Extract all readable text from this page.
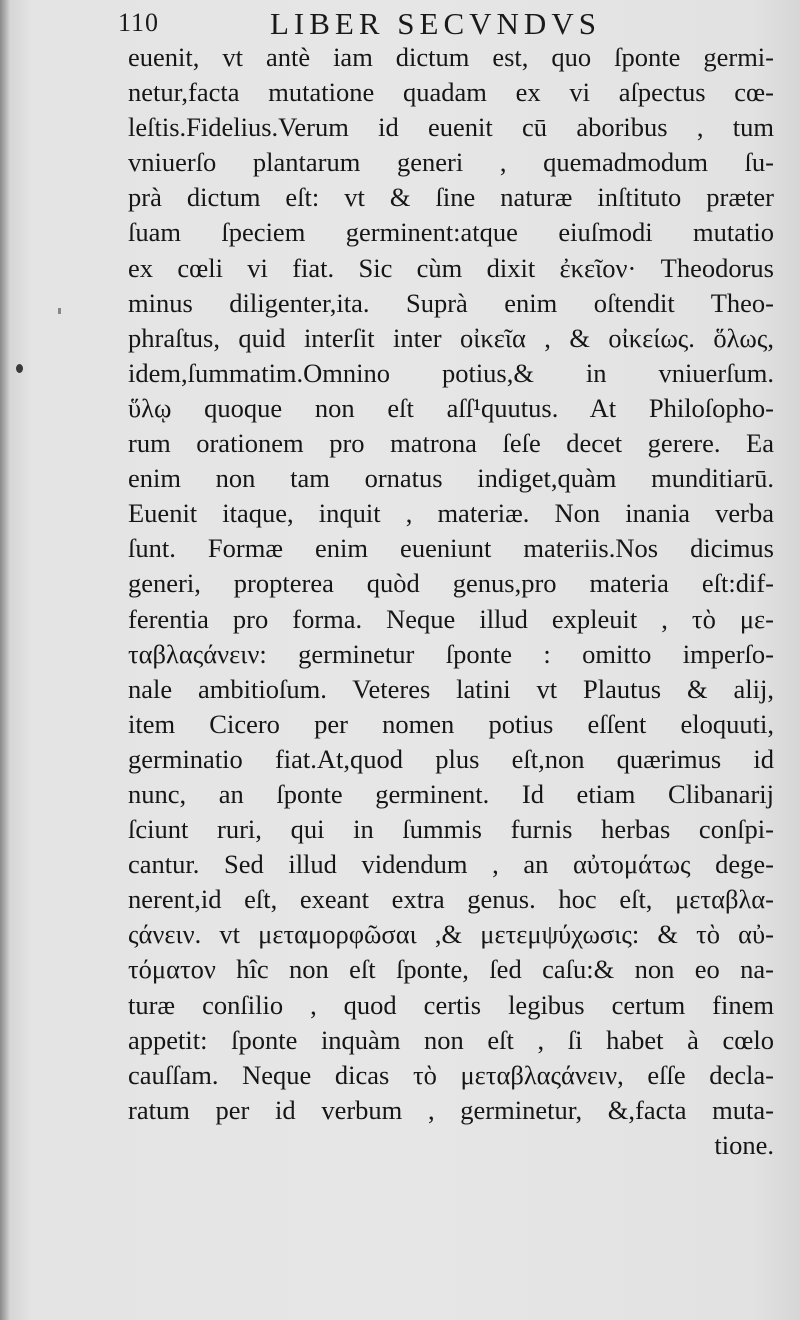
110	LIBER SECVNDVS
euenit, vt antè iam dictum est, quo ſponte germi-
netur,facta mutatione quadam ex vi aſpectus cœ-
leſtis.Fidelius.Verum id euenit cū aboribus , tum
vniuerſo plantarum generi , quemadmodum ſu-
prà dictum eſt: vt & ſine naturæ inſtituto præter
ſuam ſpeciem germinent:atque eiuſmodi mutatio
ex cœli vi fiat. Sic cùm dixit ἐκεῖον· Theodorus
minus diligenter,ita. Suprà enim oſtendit Theo-
phraſtus, quid interſit inter οἰκεῖα , & οἰκείως. ὅλως,
idem,ſummatim.Omnino potius,& in vniuerſum.
ὕλῳ quoque non eſt aſſ¹quutus. At Philoſopho-
rum orationem pro matrona ſeſe decet gerere. Ea
enim non tam ornatus indiget,quàm munditiarū.
Euenit itaque, inquit , materiæ. Non inania verba
ſunt. Formæ enim eueniunt materiis.Nos dicimus
generi, propterea quòd genus,pro materia eſt:dif-
ferentia pro forma. Neque illud expleuit , τὸ με-
ταβλαςάνειν: germinetur ſponte : omitto imperſo-
nale ambitioſum. Veteres latini vt Plautus & alij,
item Cicero per nomen potius eſſent eloquuti,
germinatio fiat.At,quod plus eſt,non quærimus id
nunc, an ſponte germinent. Id etiam Clibanarij
ſciunt ruri, qui in ſummis furnis herbas conſpi-
cantur. Sed illud videndum , an αὐτομάτως dege-
nerent,id eſt, exeant extra genus. hoc eſt, μεταβλα-
ςάνειν. vt μεταμορφῶσαι ,& μετεμψύχωσις: & τὸ αὐ-
τόματον hîc non eſt ſponte, ſed caſu:& non eo na-
turæ conſilio , quod certis legibus certum finem
appetit: ſponte inquàm non eſt , ſi habet à cœlo
cauſſam. Neque dicas τὸ μεταβλαςάνειν, eſſe decla-
ratum per id verbum , germinetur, &,facta muta-
tione.
